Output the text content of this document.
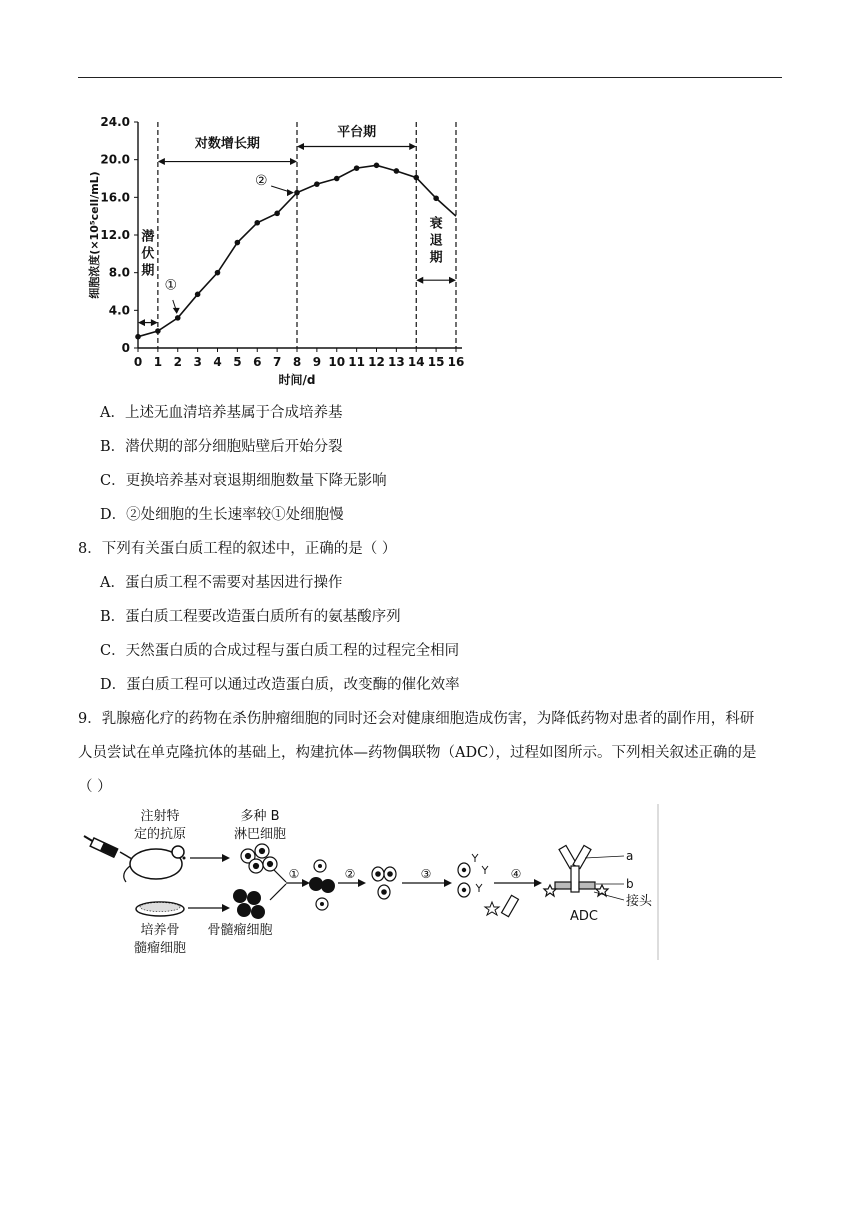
0
4.0
8.0
12.0
16.0
20.0
24.0
0 1 2 3 4 5 6 7 8 9 10 11 12 13 14 15 16
时间/d
细胞浓度(×10⁵cell/mL)	潜
伏
期
对数增长期
平台期
衰
退
期
①
②
A．上述无血清培养基属于合成培养基
B．潜伏期的部分细胞贴壁后开始分裂
C．更换培养基对衰退期细胞数量下降无影响
D．②处细胞的生长速率较①处细胞慢
8．下列有关蛋白质工程的叙述中，正确的是（ ）
A．蛋白质工程不需要对基因进行操作
B．蛋白质工程要改造蛋白质所有的氨基酸序列
C．天然蛋白质的合成过程与蛋白质工程的过程完全相同
D．蛋白质工程可以通过改造蛋白质，改变酶的催化效率
9．乳腺癌化疗的药物在杀伤肿瘤细胞的同时还会对健康细胞造成伤害，为降低药物对患者的副作用，科研
人员尝试在单克隆抗体的基础上，构建抗体—药物偶联物（ADC），过程如图所示。下列相关叙述正确的是
（ ）
注射特
定的抗原
多种 B
淋巴细胞
培养骨
髓瘤细胞
骨髓瘤细胞
①	②	③	④
a
b
接头
ADC
